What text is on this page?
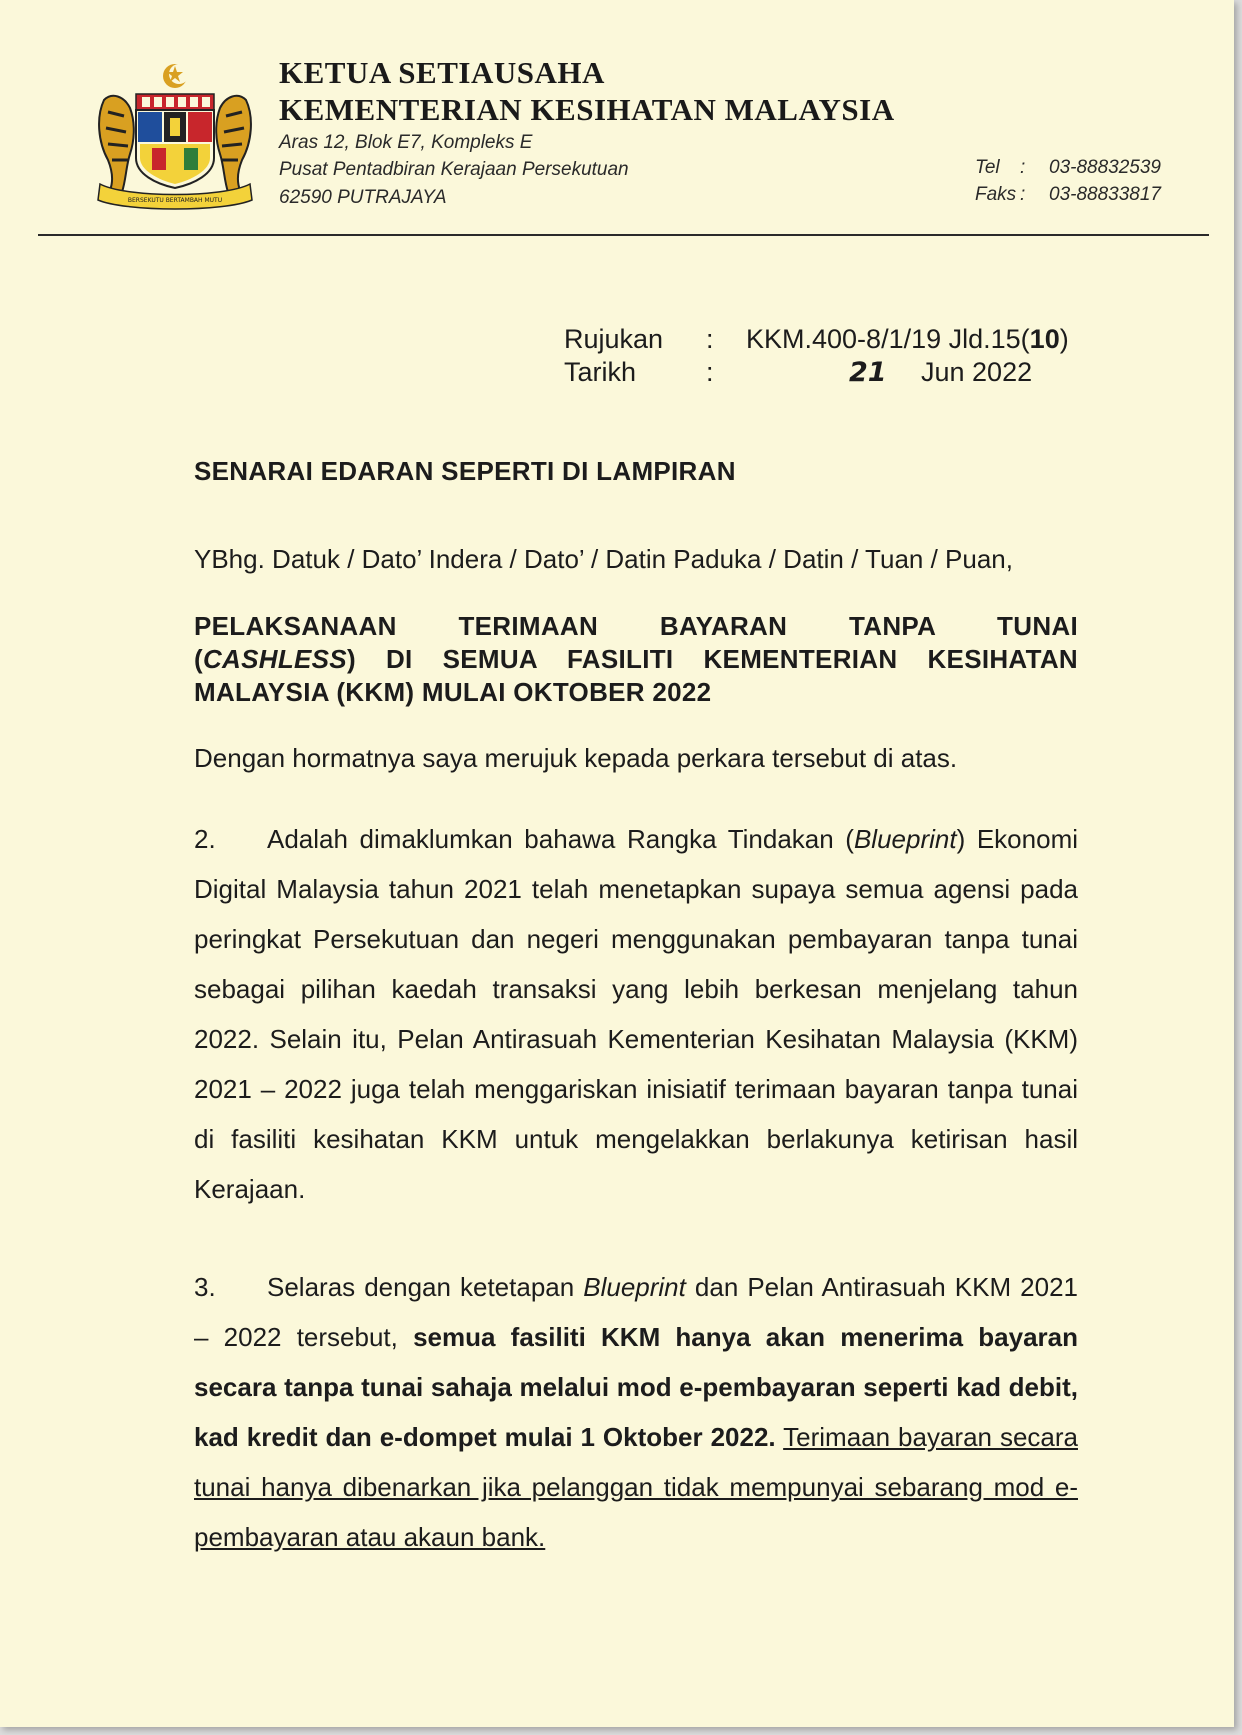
BERSEKUTU BERTAMBAH MUTU
KETUA SETIAUSAHA
KEMENTERIAN KESIHATAN MALAYSIA
Aras 12, Blok E7, Kompleks E
Pusat Pentadbiran Kerajaan Persekutuan
62590 PUTRAJAYA
Tel : 03-88832539
Faks : 03-88833817
Rujukan : KKM.400-8/1/19 Jld.15(10)
Tarikh	:	21 Jun 2022
SENARAI EDARAN SEPERTI DI LAMPIRAN
YBhg. Datuk / Dato’ Indera / Dato’ / Datin Paduka / Datin / Tuan / Puan,
PELAKSANAAN TERIMAAN BAYARAN TANPA TUNAI
(CASHLESS) DI SEMUA FASILITI KEMENTERIAN KESIHATAN
MALAYSIA (KKM) MULAI OKTOBER 2022
Dengan hormatnya saya merujuk kepada perkara tersebut di atas.
2. Adalah dimaklumkan bahawa Rangka Tindakan (Blueprint) Ekonomi Digital Malaysia tahun 2021 telah menetapkan supaya semua agensi pada peringkat Persekutuan dan negeri menggunakan pembayaran tanpa tunai sebagai pilihan kaedah transaksi yang lebih berkesan menjelang tahun 2022. Selain itu, Pelan Antirasuah Kementerian Kesihatan Malaysia (KKM) 2021 – 2022 juga telah menggariskan inisiatif terimaan bayaran tanpa tunai di fasiliti kesihatan KKM untuk mengelakkan berlakunya ketirisan hasil Kerajaan.
3. Selaras dengan ketetapan Blueprint dan Pelan Antirasuah KKM 2021 – 2022 tersebut, semua fasiliti KKM hanya akan menerima bayaran secara tanpa tunai sahaja melalui mod e-pembayaran seperti kad debit, kad kredit dan e-dompet mulai 1 Oktober 2022. Terimaan bayaran secara tunai hanya dibenarkan jika pelanggan tidak mempunyai sebarang mod e-pembayaran atau akaun bank.
